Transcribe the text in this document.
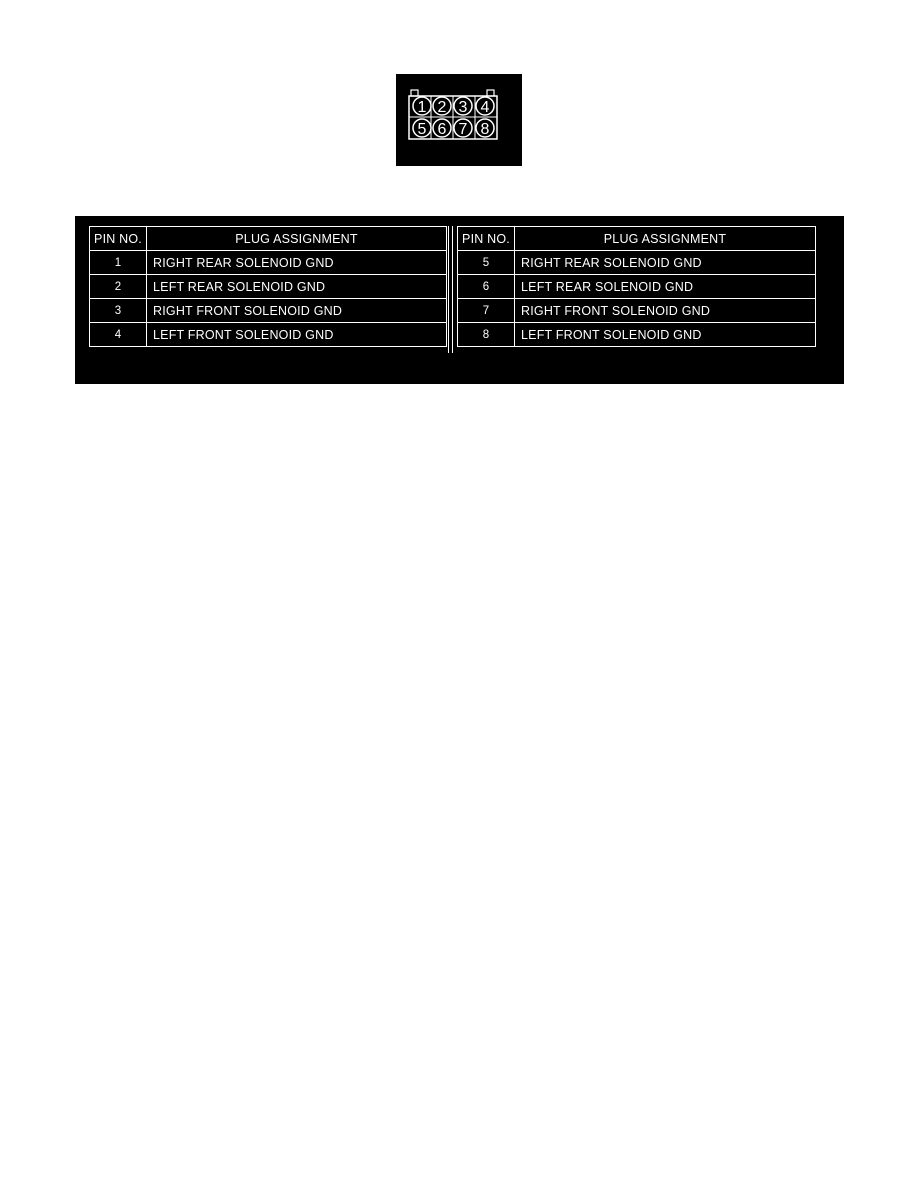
1 2 3 4
5 6 7 8
PIN NO.	PLUG ASSIGNMENT
1	RIGHT REAR SOLENOID GND
2	LEFT REAR SOLENOID GND
3	RIGHT FRONT SOLENOID GND
4	LEFT FRONT SOLENOID GND
PIN NO.	PLUG ASSIGNMENT
5	RIGHT REAR SOLENOID GND
6	LEFT REAR SOLENOID GND
7	RIGHT FRONT SOLENOID GND
8	LEFT FRONT SOLENOID GND
